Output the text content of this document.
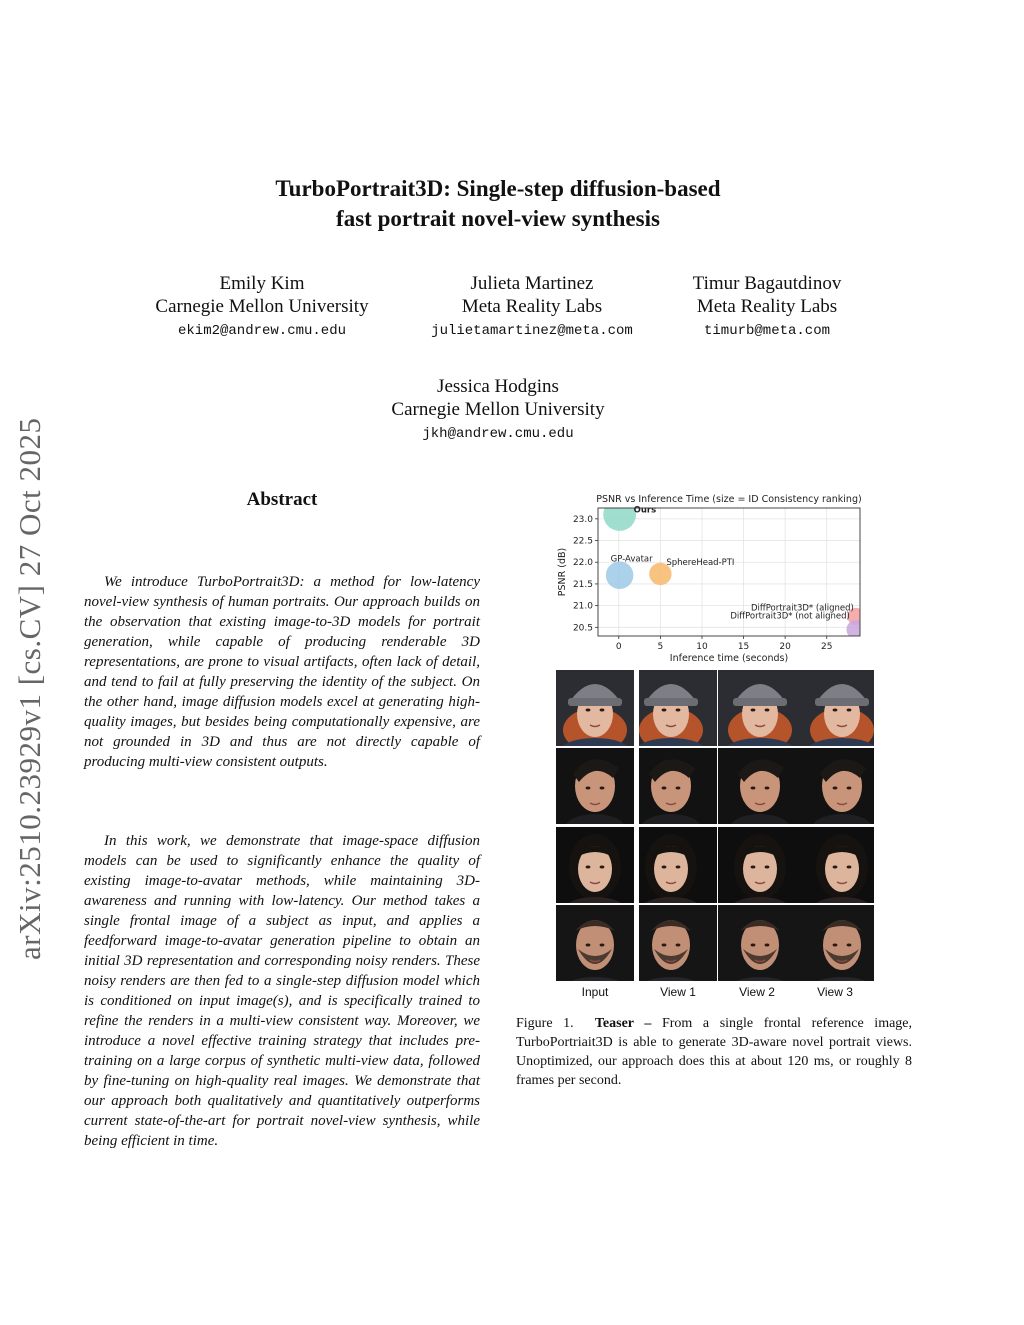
arXiv:2510.23929v1 [cs.CV] 27 Oct 2025
TurboPortrait3D: Single-step diffusion-based
fast portrait novel-view synthesis
Emily Kim
Carnegie Mellon University
ekim2@andrew.cmu.edu
Julieta Martinez
Meta Reality Labs
julietamartinez@meta.com
Timur Bagautdinov
Meta Reality Labs
timurb@meta.com
Jessica Hodgins
Carnegie Mellon University
jkh@andrew.cmu.edu
Abstract

We introduce TurboPortrait3D: a method for low-latency novel-view synthesis of human portraits. Our approach builds on the observation that existing image-to-3D models for portrait generation, while capable of producing renderable 3D representations, are prone to visual artifacts, often lack of detail, and tend to fail at fully preserving the identity of the subject. On the other hand, image diffusion models excel at generating high-quality images, but besides being computationally expensive, are not grounded in 3D and thus are not directly capable of producing multi-view consistent outputs.

In this work, we demonstrate that image-space diffusion models can be used to significantly enhance the quality of existing image-to-avatar methods, while maintaining 3D-awareness and running with low-latency. Our method takes a single frontal image of a subject as input, and applies a feedforward image-to-avatar generation pipeline to obtain an initial 3D representation and corresponding noisy renders. These noisy renders are then fed to a single-step diffusion model which is conditioned on input image(s), and is specifically trained to refine the renders in a multi-view consistent way. Moreover, we introduce a novel effective training strategy that includes pre-training on a large corpus of synthetic multi-view data, followed by fine-tuning on high-quality real images. We demonstrate that our approach both qualitatively and quantitatively outperforms current state-of-the-art for portrait novel-view synthesis, while being efficient in time.

Ours
GP-Avatar SphereHead-PTI
DiffPortrait3D* (aligned)
DiffPortrait3D* (not aligned)
0	5	10	15	20	25
20.5
21.0
21.5
22.0
22.5
23.0
PSNR vs Inference Time (size = ID Consistency ranking)
Inference time (seconds)
PSNR (dB)
Input	View 1	View 2	View 3

Figure 1. Teaser – From a single frontal reference image, TurboPortriait3D is able to generate 3D-aware novel portrait views. Unoptimized, our approach does this at about 120 ms, or roughly 8 frames per second.
